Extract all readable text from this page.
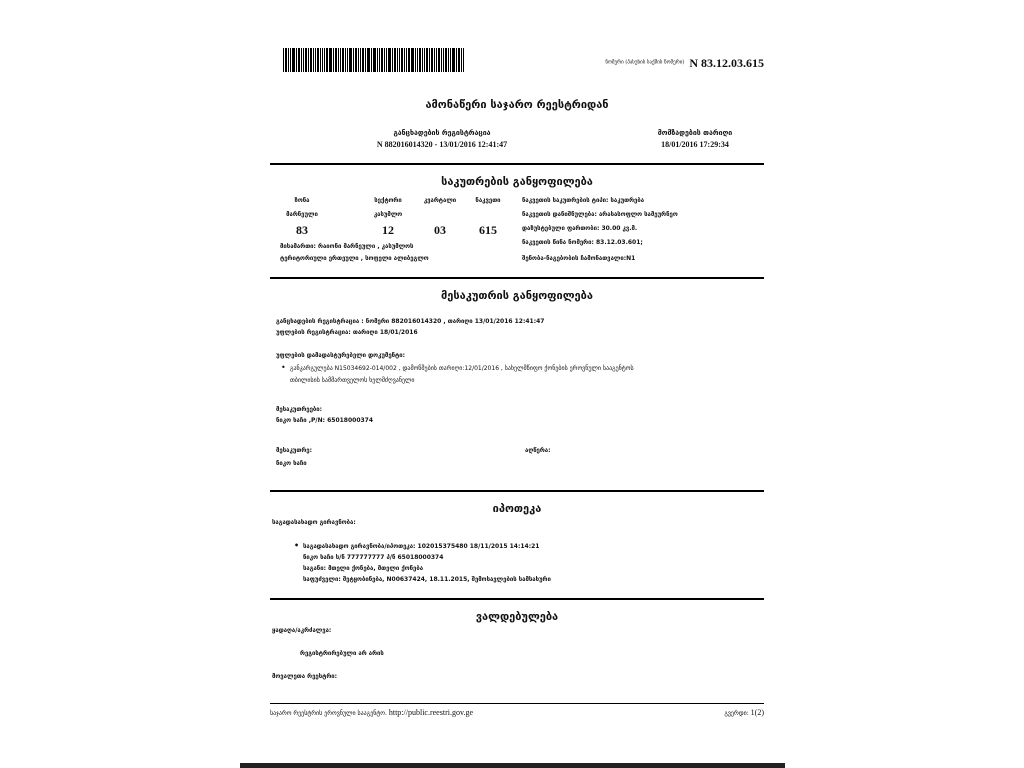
ნომერი (პასუხის საქმის ნომერი) N 83.12.03.615
ამონაწერი საჯარო რეესტრიდან
განცხადების რეგისტრაცია
N 882016014320 - 13/01/2016 12:41:47
მომზადების თარიღი
18/01/2016 17:29:34
საკუთრების განყოფილება
ზონა	სექტორი	კვარტალი	ნაკვეთი
მარნეული	კასუმლო
83	12	03	615
მისამართი: რაიონი მარნეული , კასუმლოს
ტერიტორიული ერთეული , სოფელი ალიბეგლო
ნაკვეთის საკუთრების ტიპი: საკუთრება
ნაკვეთის დანიშნულება: არასასოფლო სამეურნეო
დაზუსტებული ფართობი: 30.00 კვ.მ.
ნაკვეთის წინა ნომერი: 83.12.03.601;
შენობა-ნაგებობის ჩამონათვალი:N1
მესაკუთრის განყოფილება
განცხადების რეგისტრაცია : ნომერი 882016014320 , თარიღი 13/01/2016 12:41:47
უფლების რეგისტრაცია: თარიღი 18/01/2016
უფლების დამადასტურებელი დოკუმენტი:
• განკარგულება N15034692-014/002 , დამოწმების თარიღი:12/01/2016 , სახელმწიფო ქონების ეროვნული სააგენტოს
თბილისის სამმართველოს ხელმძღვანელი
მესაკუთრეები:
ნიკო ხაჩი ,P/N: 65018000374
მესაკუთრე:
ნიკო ხაჩი
აღწერა:
იპოთეკა
საგადასახადო გირავნობა:
• საგადასახადო გირავნობა/იპოთეკა: 102015375480 18/11/2015 14:14:21
ნიკო ხაჩი ს/ნ 777777777 პ/ნ 65018000374
საგანი: მთელი ქონება, მთელი ქონება
საფუძველი: შეტყობინება, N00637424, 18.11.2015, შემოსავლების სამსახური
ვალდებულება
ყადაღა/აკრძალვა:
რეგისტრირებული არ არის
მოვალეთა რეესტრი:
საჯარო რეესტრის ეროვნული სააგენტო. http://public.reestri.gov.ge	გვერდი: 1(2)
